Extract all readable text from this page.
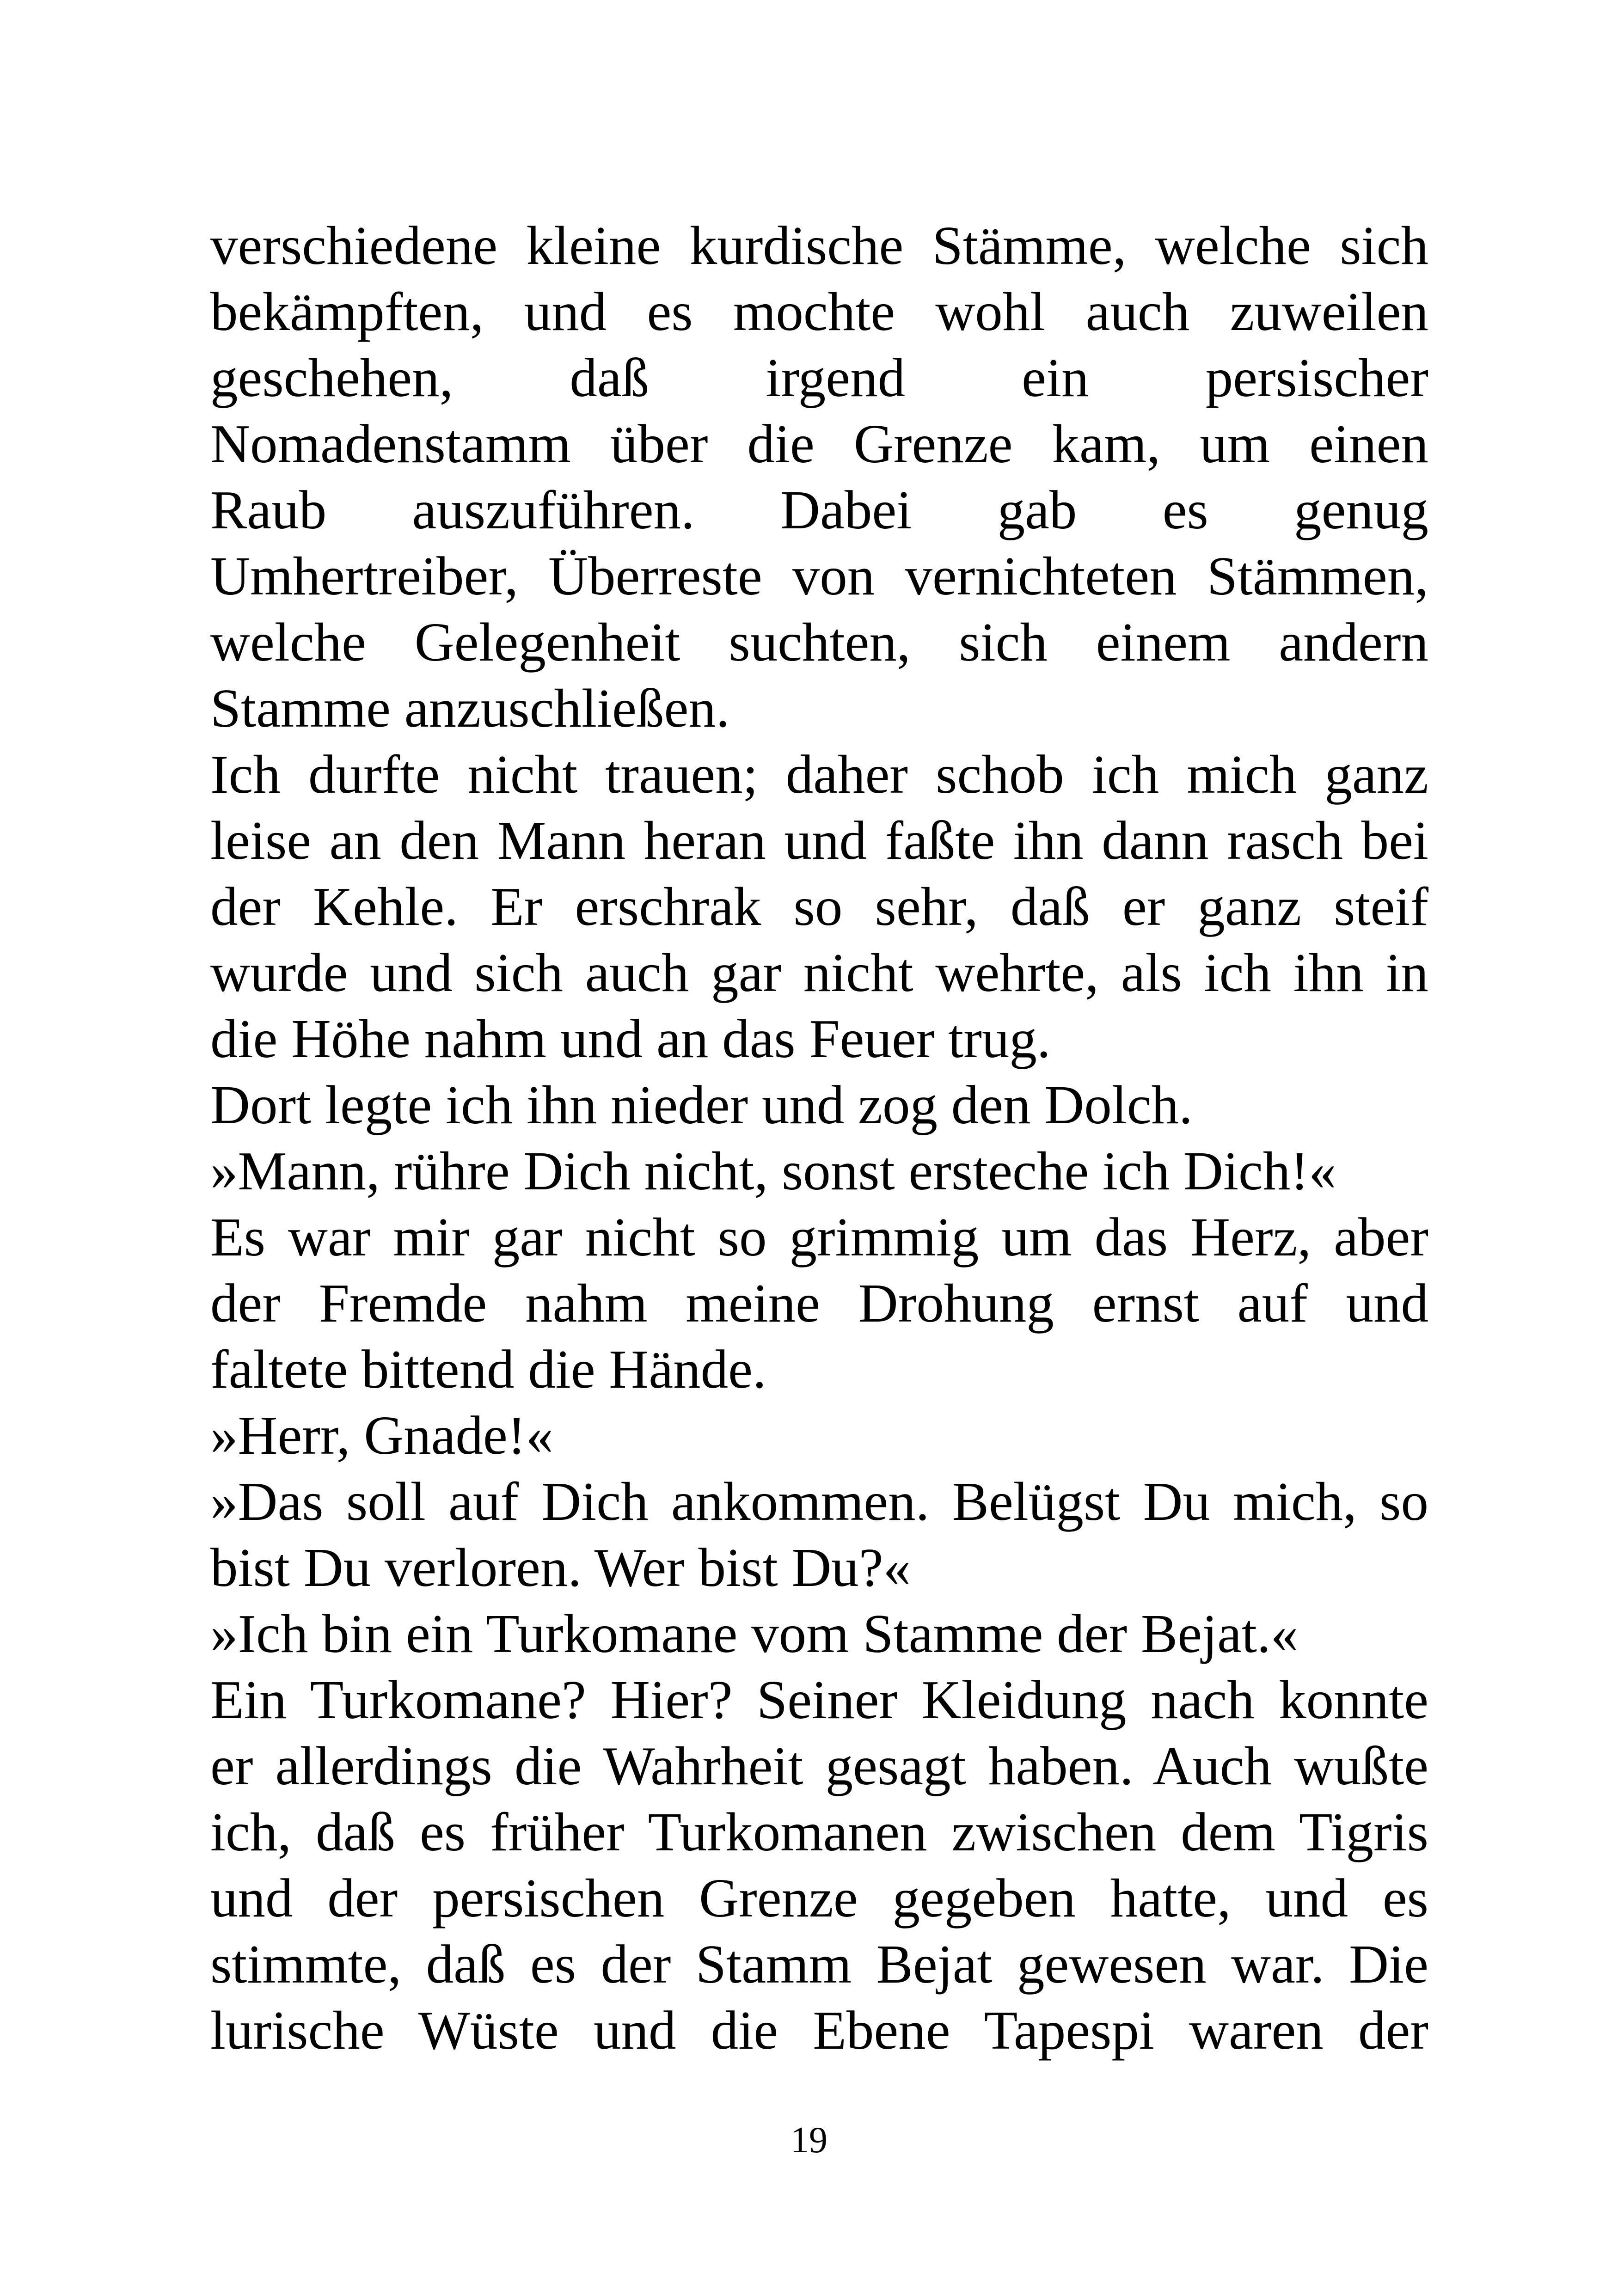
verschiedene kleine kurdische Stämme, welche sich
bekämpften, und es mochte wohl auch zuweilen
geschehen, daß irgend ein persischer
Nomadenstamm über die Grenze kam, um einen
Raub auszuführen. Dabei gab es genug
Umhertreiber, Überreste von vernichteten Stämmen,
welche Gelegenheit suchten, sich einem andern
Stamme anzuschließen.

Ich durfte nicht trauen; daher schob ich mich ganz
leise an den Mann heran und faßte ihn dann rasch bei
der Kehle. Er erschrak so sehr, daß er ganz steif
wurde und sich auch gar nicht wehrte, als ich ihn in
die Höhe nahm und an das Feuer trug.

Dort legte ich ihn nieder und zog den Dolch.

»Mann, rühre Dich nicht, sonst ersteche ich Dich!«

Es war mir gar nicht so grimmig um das Herz, aber
der Fremde nahm meine Drohung ernst auf und
faltete bittend die Hände.

»Herr, Gnade!«

»Das soll auf Dich ankommen. Belügst Du mich, so
bist Du verloren. Wer bist Du?«

»Ich bin ein Turkomane vom Stamme der Bejat.«

Ein Turkomane? Hier? Seiner Kleidung nach konnte
er allerdings die Wahrheit gesagt haben. Auch wußte
ich, daß es früher Turkomanen zwischen dem Tigris
und der persischen Grenze gegeben hatte, und es
stimmte, daß es der Stamm Bejat gewesen war. Die
lurische Wüste und die Ebene Tapespi waren der

19
